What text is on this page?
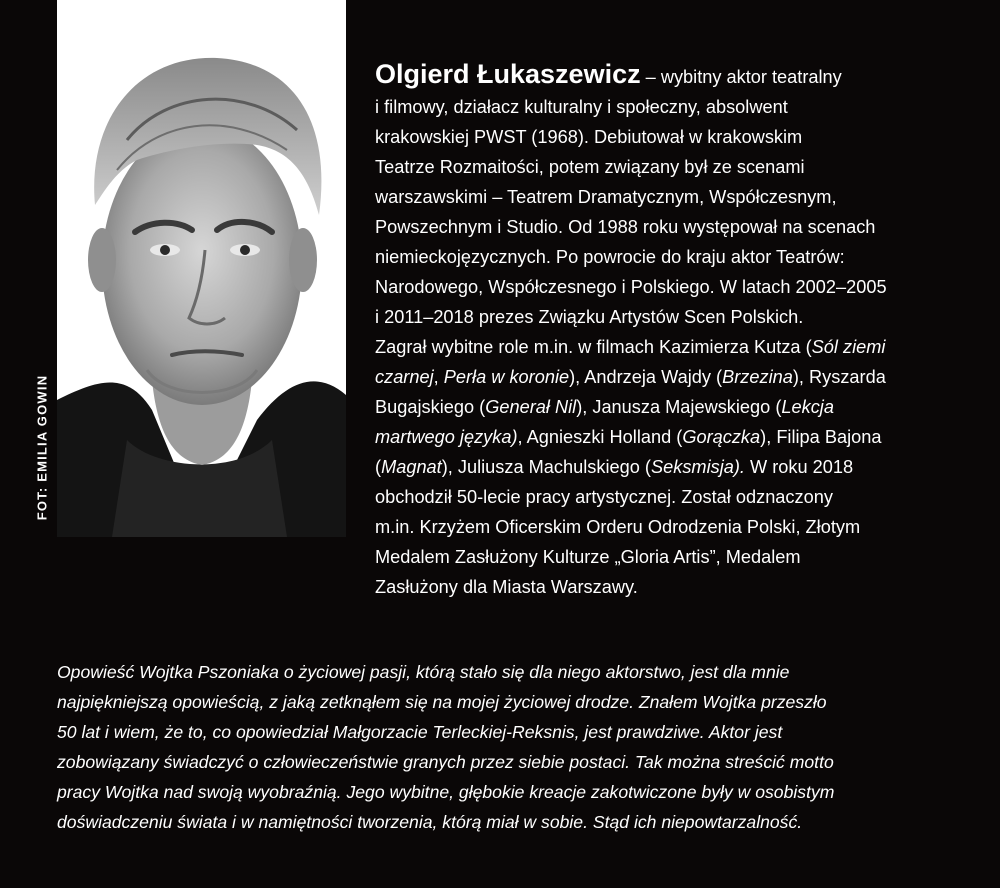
FOT: EMILIA GOWIN
Olgierd Łukaszewicz – wybitny aktor teatralny
i filmowy, działacz kulturalny i społeczny, absolwent
krakowskiej PWST (1968). Debiutował w krakowskim
Teatrze Rozmaitości, potem związany był ze scenami
warszawskimi – Teatrem Dramatycznym, Współczesnym,
Powszechnym i Studio. Od 1988 roku występował na scenach
niemieckojęzycznych. Po powrocie do kraju aktor Teatrów:
Narodowego, Współczesnego i Polskiego. W latach 2002–2005
i 2011–2018 prezes Związku Artystów Scen Polskich.
Zagrał wybitne role m.in. w filmach Kazimierza Kutza (Sól ziemi
czarnej, Perła w koronie), Andrzeja Wajdy (Brzezina), Ryszarda
Bugajskiego (Generał Nil), Janusza Majewskiego (Lekcja
martwego języka), Agnieszki Holland (Gorączka), Filipa Bajona
(Magnat), Juliusza Machulskiego (Seksmisja). W roku 2018
obchodził 50-lecie pracy artystycznej. Został odznaczony
m.in. Krzyżem Oficerskim Orderu Odrodzenia Polski, Złotym
Medalem Zasłużony Kulturze „Gloria Artis”, Medalem
Zasłużony dla Miasta Warszawy.
Opowieść Wojtka Pszoniaka o życiowej pasji, którą stało się dla niego aktorstwo, jest dla mnie
najpiękniejszą opowieścią, z jaką zetknąłem się na mojej życiowej drodze. Znałem Wojtka przeszło
50 lat i wiem, że to, co opowiedział Małgorzacie Terleckiej-Reksnis, jest prawdziwe. Aktor jest
zobowiązany świadczyć o człowieczeństwie granych przez siebie postaci. Tak można streścić motto
pracy Wojtka nad swoją wyobraźnią. Jego wybitne, głębokie kreacje zakotwiczone były w osobistym
doświadczeniu świata i w namiętności tworzenia, którą miał w sobie. Stąd ich niepowtarzalność.
